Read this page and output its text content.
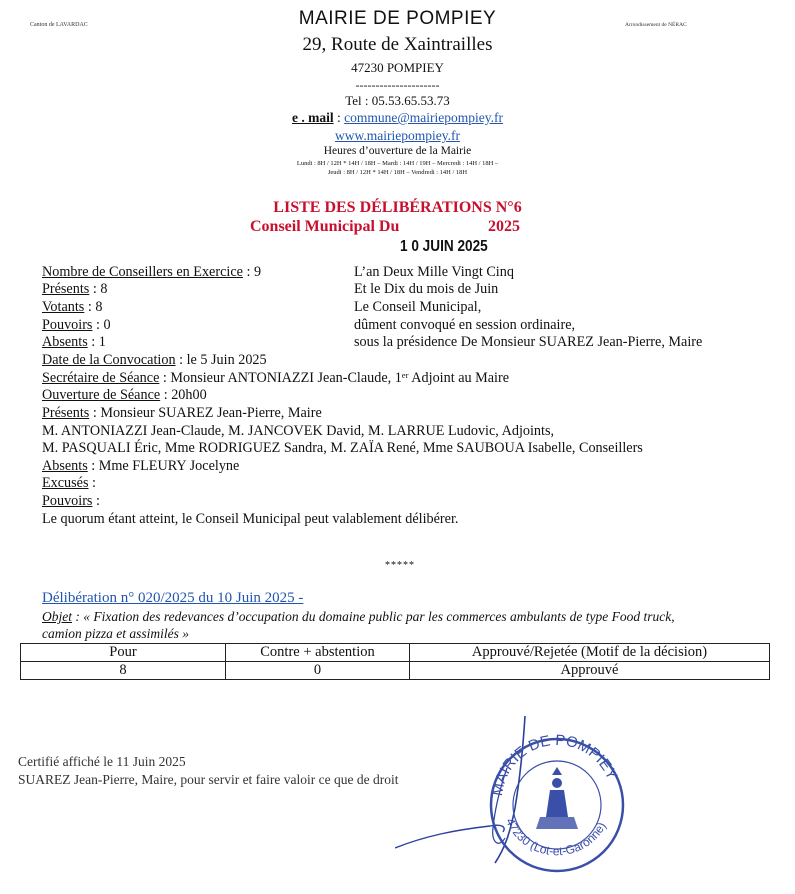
Canton de LAVARDAC	Arrondissement de NÉRAC
MAIRIE DE POMPIEY
29, Route de Xaintrailles
47230 POMPIEY
---------------------
Tel : 05.53.65.53.73
e . mail : commune@mairiepompiey.fr
www.mairiepompiey.fr
Heures d’ouverture de la Mairie
Lundi : 8H / 12H * 14H / 18H – Mardi : 14H / 19H – Mercredi : 14H / 18H –
Jeudi : 8H / 12H * 14H / 18H – Vendredi : 14H / 18H
LISTE DES DÉLIBÉRATIONS N°6
Conseil Municipal Du	2025
1 0 JUIN 2025
Nombre de Conseillers en Exercice : 9
Présents : 8
Votants : 8
Pouvoirs : 0
Absents : 1
L’an Deux Mille Vingt Cinq
Et le Dix du mois de Juin
Le Conseil Municipal,
dûment convoqué en session ordinaire,
sous la présidence De Monsieur SUAREZ Jean-Pierre, Maire
Date de la Convocation : le 5 Juin 2025
Secrétaire de Séance : Monsieur ANTONIAZZI Jean-Claude, 1ᵉʳ Adjoint au Maire
Ouverture de Séance : 20h00
Présents : Monsieur SUAREZ Jean-Pierre, Maire
M. ANTONIAZZI Jean-Claude, M. JANCOVEK David, M. LARRUE Ludovic, Adjoints,
M. PASQUALI Éric, Mme RODRIGUEZ Sandra, M. ZAÏA René, Mme SAUBOUA Isabelle, Conseillers
Absents : Mme FLEURY Jocelyne
Excusés :
Pouvoirs :
Le quorum étant atteint, le Conseil Municipal peut valablement délibérer.
*****
Délibération n° 020/2025 du 10 Juin 2025 -
Objet : « Fixation des redevances d’occupation du domaine public par les commerces ambulants de type Food truck,
camion pizza et assimilés »
Pour	Contre + abstention	Approuvé/Rejetée (Motif de la décision)
8	0	Approuvé
Certifié affiché le 11 Juin 2025
SUAREZ Jean-Pierre, Maire, pour servir et faire valoir ce que de droit
MAIRIE DE POMPIEY
47230 (Lot-et-Garonne)
